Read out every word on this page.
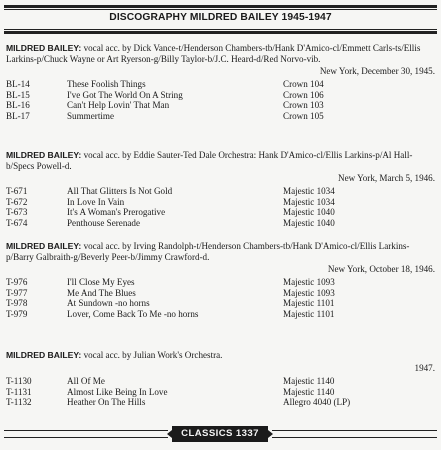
DISCOGRAPHY MILDRED BAILEY 1945-1947
MILDRED BAILEY: vocal acc. by Dick Vance-t/Henderson Chambers-tb/Hank D'Amico-cl/Emmett Carls-ts/Ellis Larkins-p/Chuck Wayne or Art Ryerson-g/Billy Taylor-b/J.C. Heard-d/Red Norvo-vib.
New York, December 30, 1945.
BL-14	These Foolish Things	Crown 104
BL-15	I've Got The World On A String	Crown 106
BL-16	Can't Help Lovin' That Man	Crown 103
BL-17	Summertime	Crown 105
MILDRED BAILEY: vocal acc. by Eddie Sauter-Ted Dale Orchestra: Hank D'Amico-cl/Ellis Larkins-p/Al Hall-b/Specs Powell-d.
New York, March 5, 1946.
T-671	All That Glitters Is Not Gold	Majestic 1034
T-672	In Love In Vain	Majestic 1034
T-673	It's A Woman's Prerogative	Majestic 1040
T-674	Penthouse Serenade	Majestic 1040
MILDRED BAILEY: vocal acc. by Irving Randolph-t/Henderson Chambers-tb/Hank D'Amico-cl/Ellis Larkins-p/Barry Galbraith-g/Beverly Peer-b/Jimmy Crawford-d.
New York, October 18, 1946.
T-976	I'll Close My Eyes	Majestic 1093
T-977	Me And The Blues	Majestic 1093
T-978	At Sundown -no horns	Majestic 1101
T-979	Lover, Come Back To Me -no horns	Majestic 1101
MILDRED BAILEY: vocal acc. by Julian Work's Orchestra.
1947.
T-1130	All Of Me	Majestic 1140
T-1131	Almost Like Being In Love	Majestic 1140
T-1132	Heather On The Hills	Allegro 4040 (LP)
CLASSICS 1337
